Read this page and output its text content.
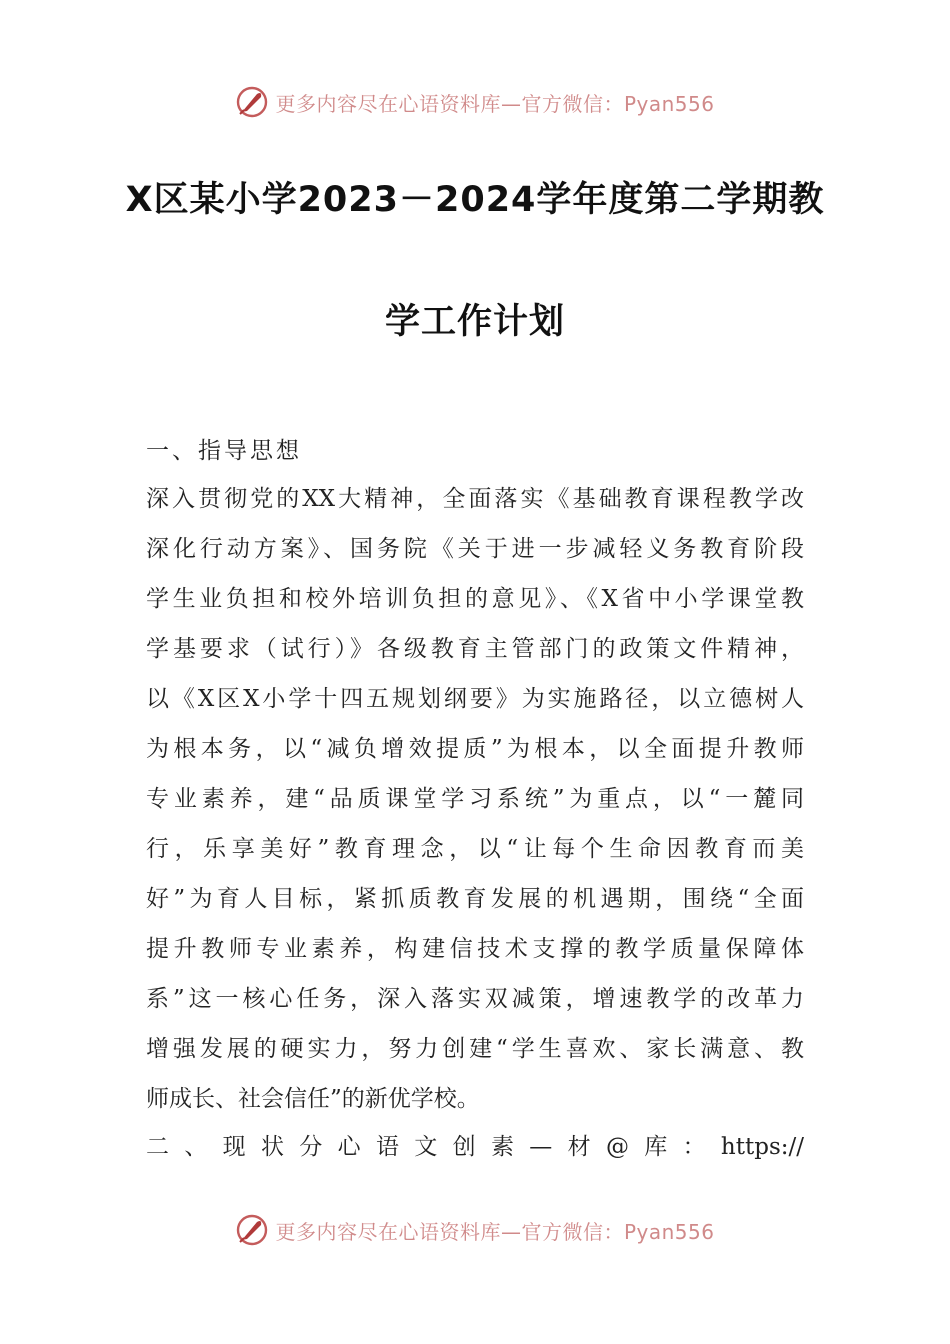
更多内容尽在心语资料库—官方微信：Pyan556
X区某小学2023－2024学年度第二学期教
学工作计划
一、指导思想
深入贯彻党的XX大精神，全面落实《基础教育课程教学改
深化行动方案》、国务院《关于进一步减轻义务教育阶段
学生业负担和校外培训负担的意见》、《X省中小学课堂教
学基要求（试行）》各级教育主管部门的政策文件精神，
以《X区X小学十四五规划纲要》为实施路径，以立德树人
为根本务，以“减负增效提质”为根本，以全面提升教师
专业素养，建“品质课堂学习系统”为重点，以“一麓同
行，乐享美好”教育理念，以“让每个生命因教育而美
好”为育人目标，紧抓质教育发展的机遇期，围绕“全面
提升教师专业素养，构建信技术支撑的教学质量保障体
系”这一核心任务，深入落实双减策，增速教学的改革力
增强发展的硬实力，努力创建“学生喜欢、家长满意、教
师成长、社会信任”的新优学校。
二、现状分心语文创素—材@库：https://
更多内容尽在心语资料库—官方微信：Pyan556
